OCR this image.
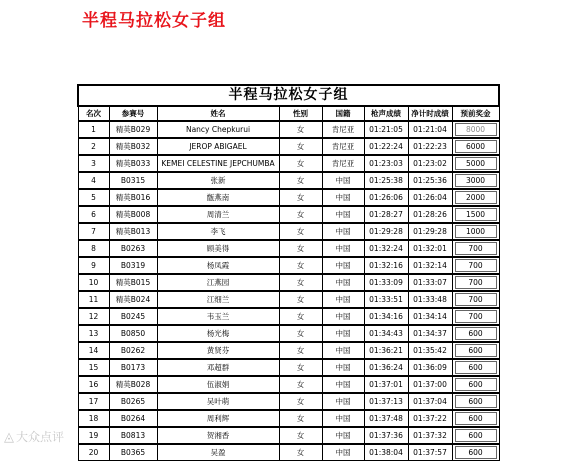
半程马拉松女子组
半程马拉松女子组							
名次	参赛号	姓名	性别	国籍	枪声成绩	净计时成绩	预前奖金
1	精英B029	Nancy Chepkurui	女	肯尼亚	01:21:05	01:21:04	8000

2	精英B032	JEROP ABIGAEL	女	肯尼亚	01:22:24	01:22:23	6000

3	精英B033	KEMEI CELESTINE JEPCHUMBA	女	肯尼亚	01:23:03	01:23:02	5000

4	B0315	张新	女	中国	01:25:38	01:25:36	3000

5	精英B016	甑燕南	女	中国	01:26:06	01:26:04	2000

6	精英B008	周清兰	女	中国	01:28:27	01:28:26	1500

7	精英B013	李飞	女	中国	01:29:28	01:29:28	1000

8	B0263	顾美得	女	中国	01:32:24	01:32:01	700

9	B0319	杨凤霞	女	中国	01:32:16	01:32:14	700

10	精英B015	江燕园	女	中国	01:33:09	01:33:07	700

11	精英B024	江细兰	女	中国	01:33:51	01:33:48	700

12	B0245	韦玉兰	女	中国	01:34:16	01:34:14	700

13	B0850	杨光梅	女	中国	01:34:43	01:34:37	600

14	B0262	黄贤芬	女	中国	01:36:21	01:35:42	600

15	B0173	邓超群	女	中国	01:36:24	01:36:09	600

16	精英B028	伍淑娟	女	中国	01:37:01	01:37:00	600

17	B0265	吴叶萌	女	中国	01:37:13	01:37:04	600

18	B0264	周利辉	女	中国	01:37:48	01:37:22	600

19	B0813	贺湘香	女	中国	01:37:36	01:37:32	600

20	B0365	吴盈	女	中国	01:38:04	01:37:57	600
◬ 大众点评
